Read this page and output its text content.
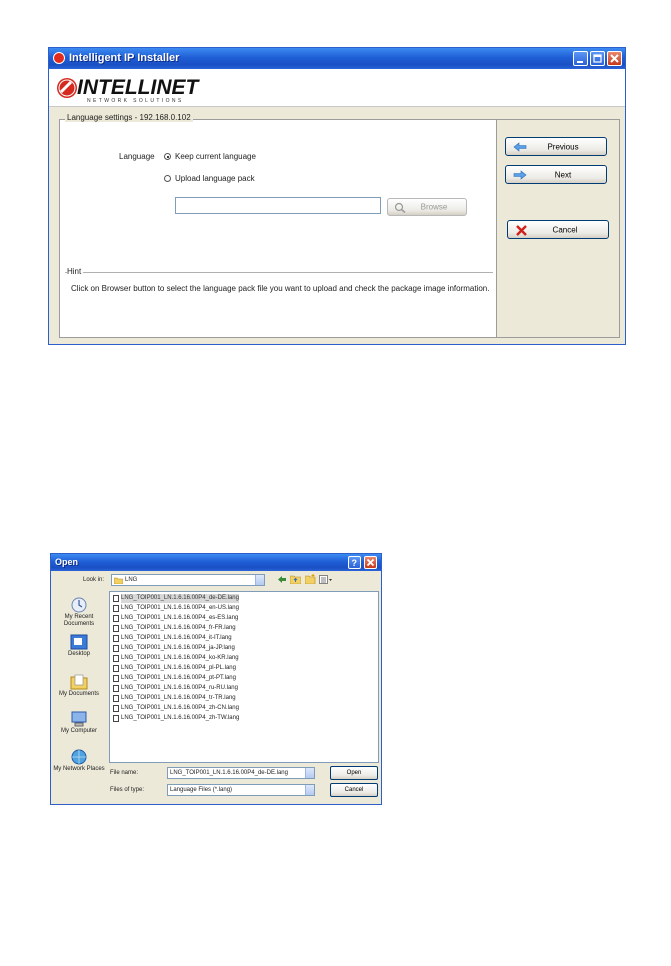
Intelligent IP Installer
INTELLINET
NETWORK SOLUTIONS
Language settings - 192.168.0.102
Language	Keep current language
Upload language pack
Browse
Hint
Click on Browser button to select the language pack file you want to upload and check the package image information.
Previous
Next
Cancel
Open	?
Look in:	LNG
My Recent Documents
Desktop
My Documents
My Computer
My Network Places
LNG_TOIP001_LN.1.6.16.00P4_de-DE.lang
LNG_TOIP001_LN.1.6.16.00P4_en-US.lang
LNG_TOIP001_LN.1.6.16.00P4_es-ES.lang
LNG_TOIP001_LN.1.6.16.00P4_fr-FR.lang
LNG_TOIP001_LN.1.6.16.00P4_it-IT.lang
LNG_TOIP001_LN.1.6.16.00P4_ja-JP.lang
LNG_TOIP001_LN.1.6.16.00P4_ko-KR.lang
LNG_TOIP001_LN.1.6.16.00P4_pl-PL.lang
LNG_TOIP001_LN.1.6.16.00P4_pt-PT.lang
LNG_TOIP001_LN.1.6.16.00P4_ru-RU.lang
LNG_TOIP001_LN.1.6.16.00P4_tr-TR.lang
LNG_TOIP001_LN.1.6.16.00P4_zh-CN.lang
LNG_TOIP001_LN.1.6.16.00P4_zh-TW.lang
File name:	LNG_TOIP001_LN.1.6.16.00P4_de-DE.lang
Files of type:	Language Files (*.lang)
Open
Cancel
